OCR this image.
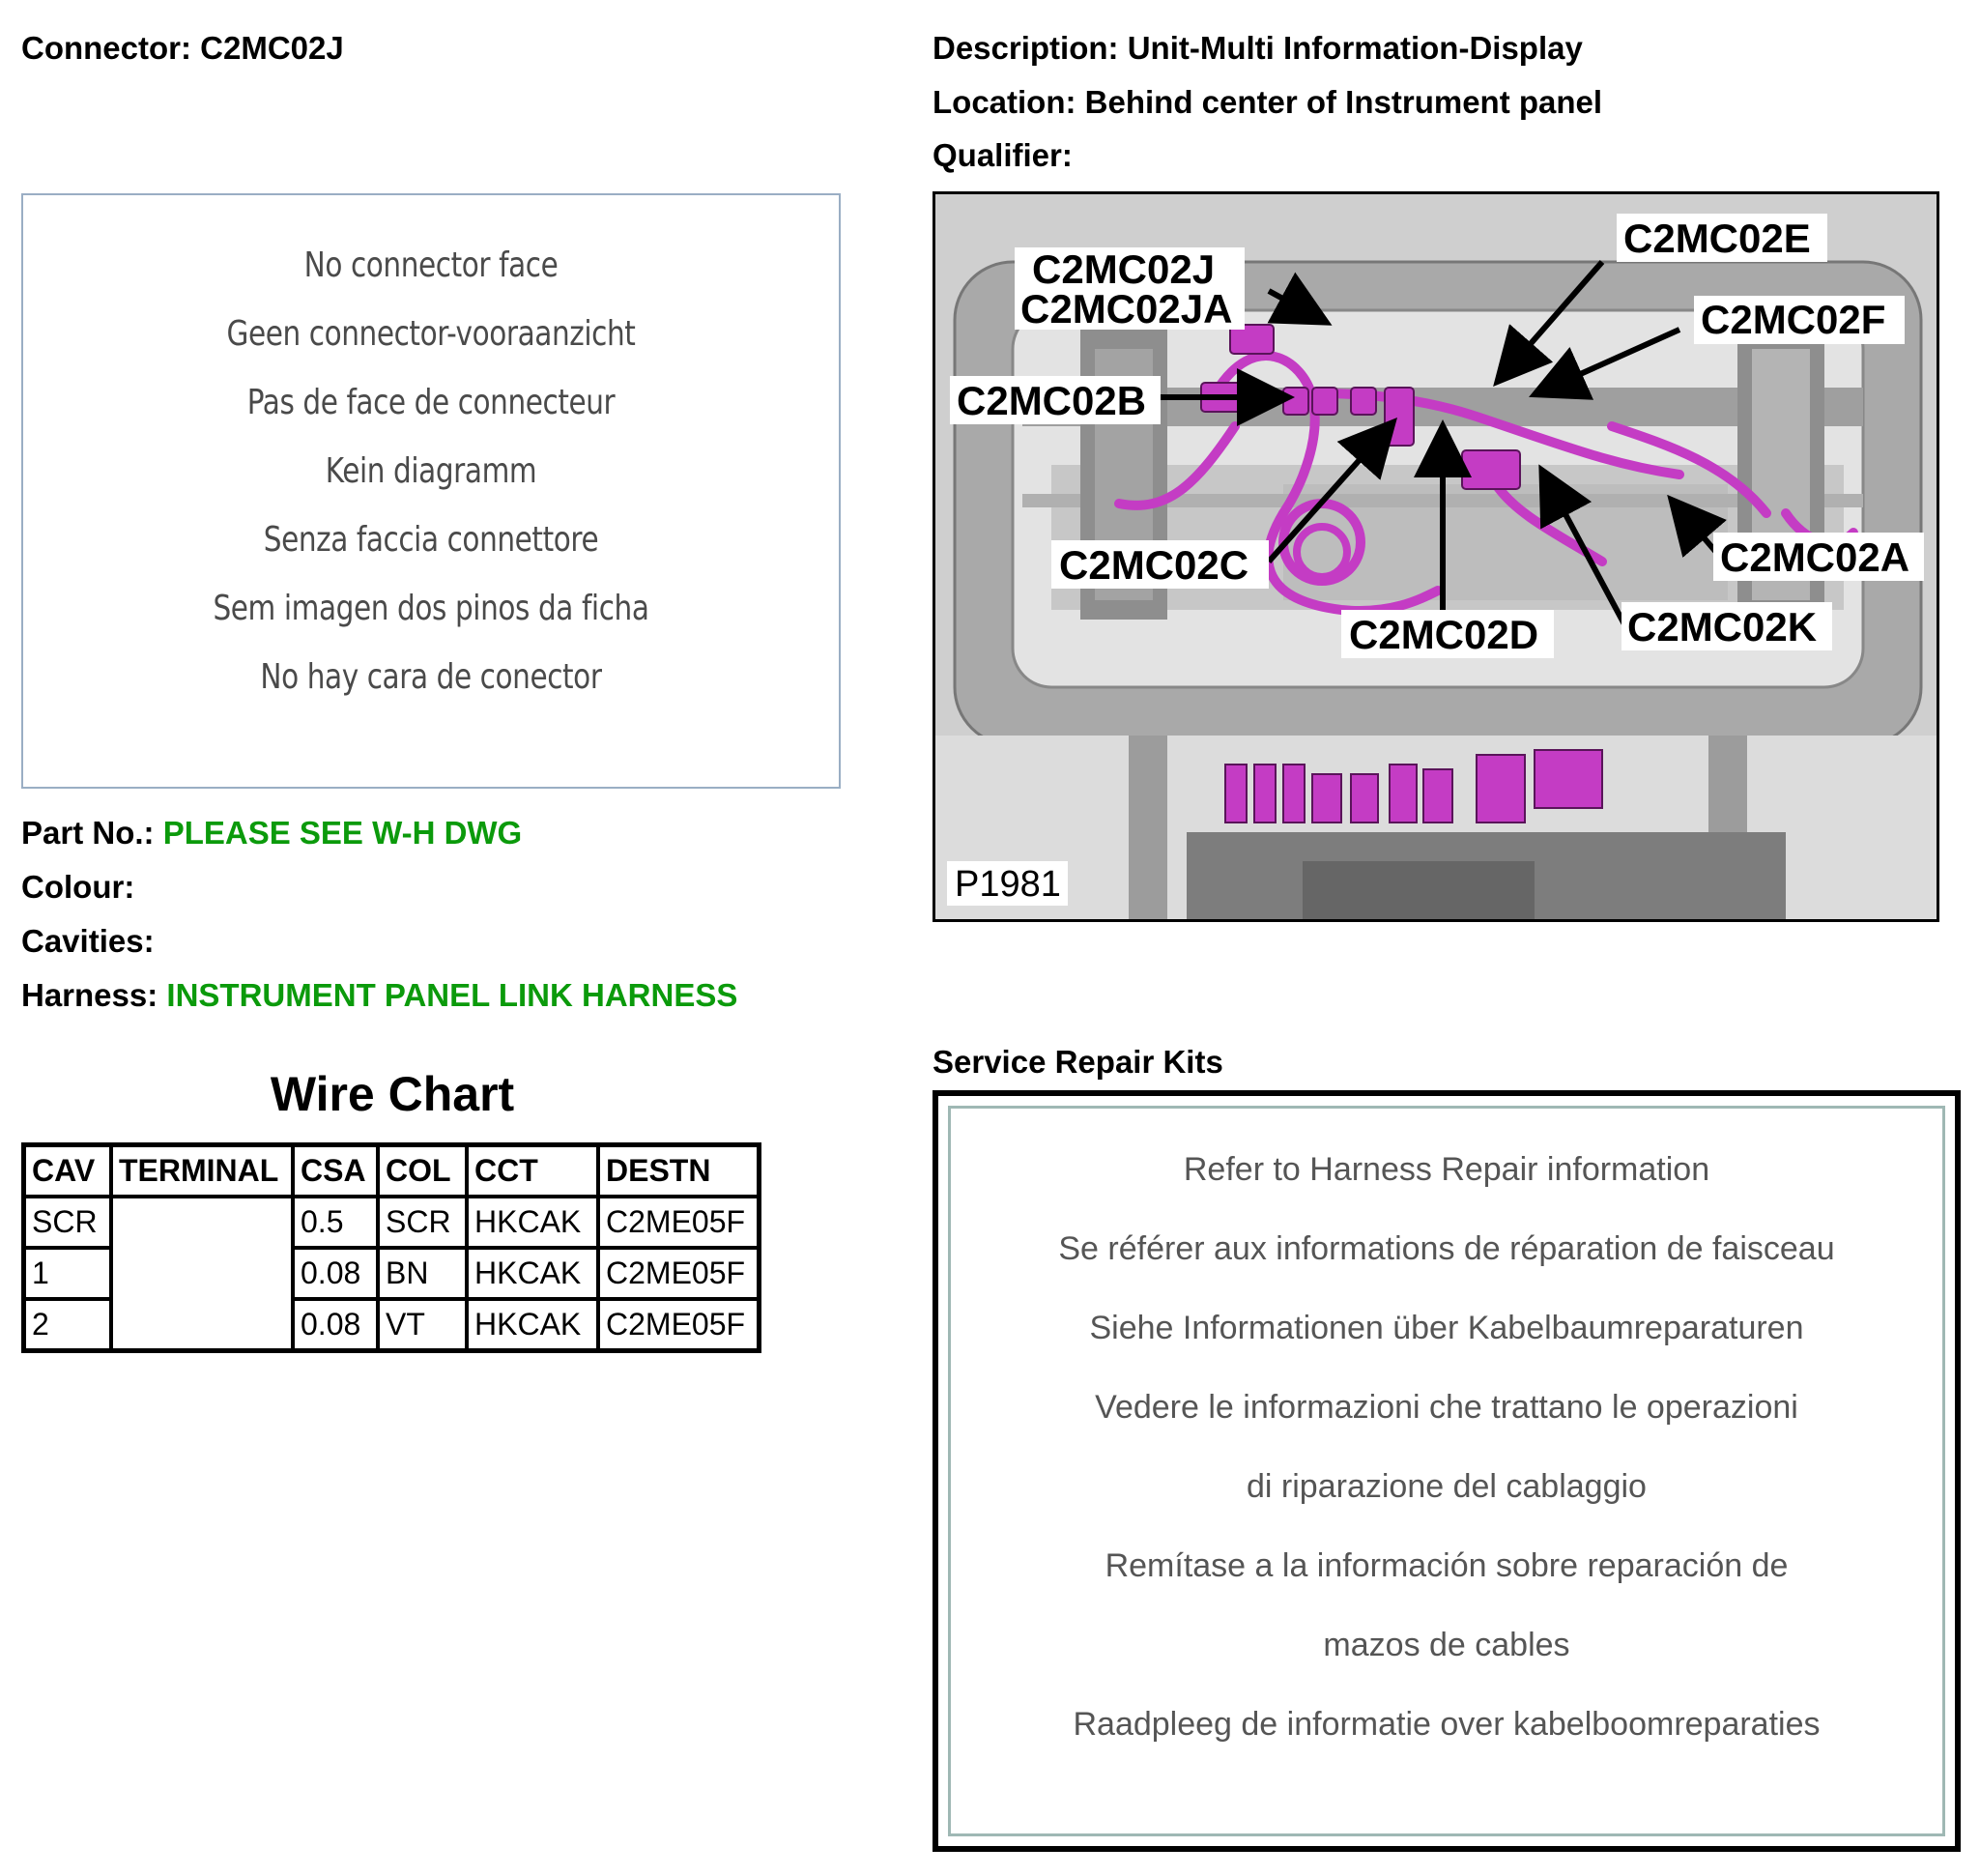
Connector: C2MC02J	Description: Unit-Multi Information-Display
Location: Behind center of Instrument panel
Qualifier:
No connector face
Geen connector-vooraanzicht
Pas de face de connecteur
Kein diagramm
Senza faccia connettore
Sem imagen dos pinos da ficha
No hay cara de conector
Part No.: PLEASE SEE W-H DWG
Colour:
Cavities:
Harness: INSTRUMENT PANEL LINK HARNESS
Wire Chart
CAV	TERMINAL	CSA	COL	CCT	DESTN
SCR		0.5	SCR	HKCAK	C2ME05F
1		0.08	BN	HKCAK	C2ME05F
2		0.08	VT	HKCAK	C2ME05F
C2MC02J
C2MC02JA
C2MC02E
C2MC02F
C2MC02B
C2MC02C	C2MC02A
C2MC02D C2MC02K
P1981
Service Repair Kits
Refer to Harness Repair information
Se référer aux informations de réparation de faisceau
Siehe Informationen über Kabelbaumreparaturen
Vedere le informazioni che trattano le operazioni
di riparazione del cablaggio
Remítase a la información sobre reparación de
mazos de cables
Raadpleeg de informatie over kabelboomreparaties
